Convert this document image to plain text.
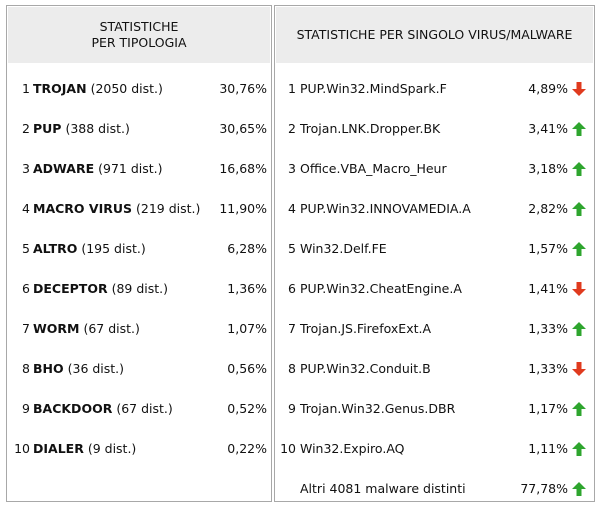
STATISTICHE
PER TIPOLOGIA
1 TROJAN (2050 dist.)	30,76%
2 PUP (388 dist.)	30,65%
3 ADWARE (971 dist.)	16,68%
4 MACRO VIRUS (219 dist.) 11,90%
5 ALTRO (195 dist.)	6,28%
6 DECEPTOR (89 dist.)	1,36%
7 WORM (67 dist.)	1,07%
8 BHO (36 dist.)	0,56%
9 BACKDOOR (67 dist.)	0,52%
10 DIALER (9 dist.)	0,22%
STATISTICHE PER SINGOLO VIRUS/MALWARE
1 PUP.Win32.MindSpark.F	4,89%
2 Trojan.LNK.Dropper.BK	3,41%
3 Office.VBA_Macro_Heur	3,18%
4 PUP.Win32.INNOVAMEDIA.A	2,82%
5 Win32.Delf.FE	1,57%
6 PUP.Win32.CheatEngine.A	1,41%
7 Trojan.JS.FirefoxExt.A	1,33%
8 PUP.Win32.Conduit.B	1,33%
9 Trojan.Win32.Genus.DBR	1,17%
10 Win32.Expiro.AQ	1,11%
Altri 4081 malware distinti	77,78%
